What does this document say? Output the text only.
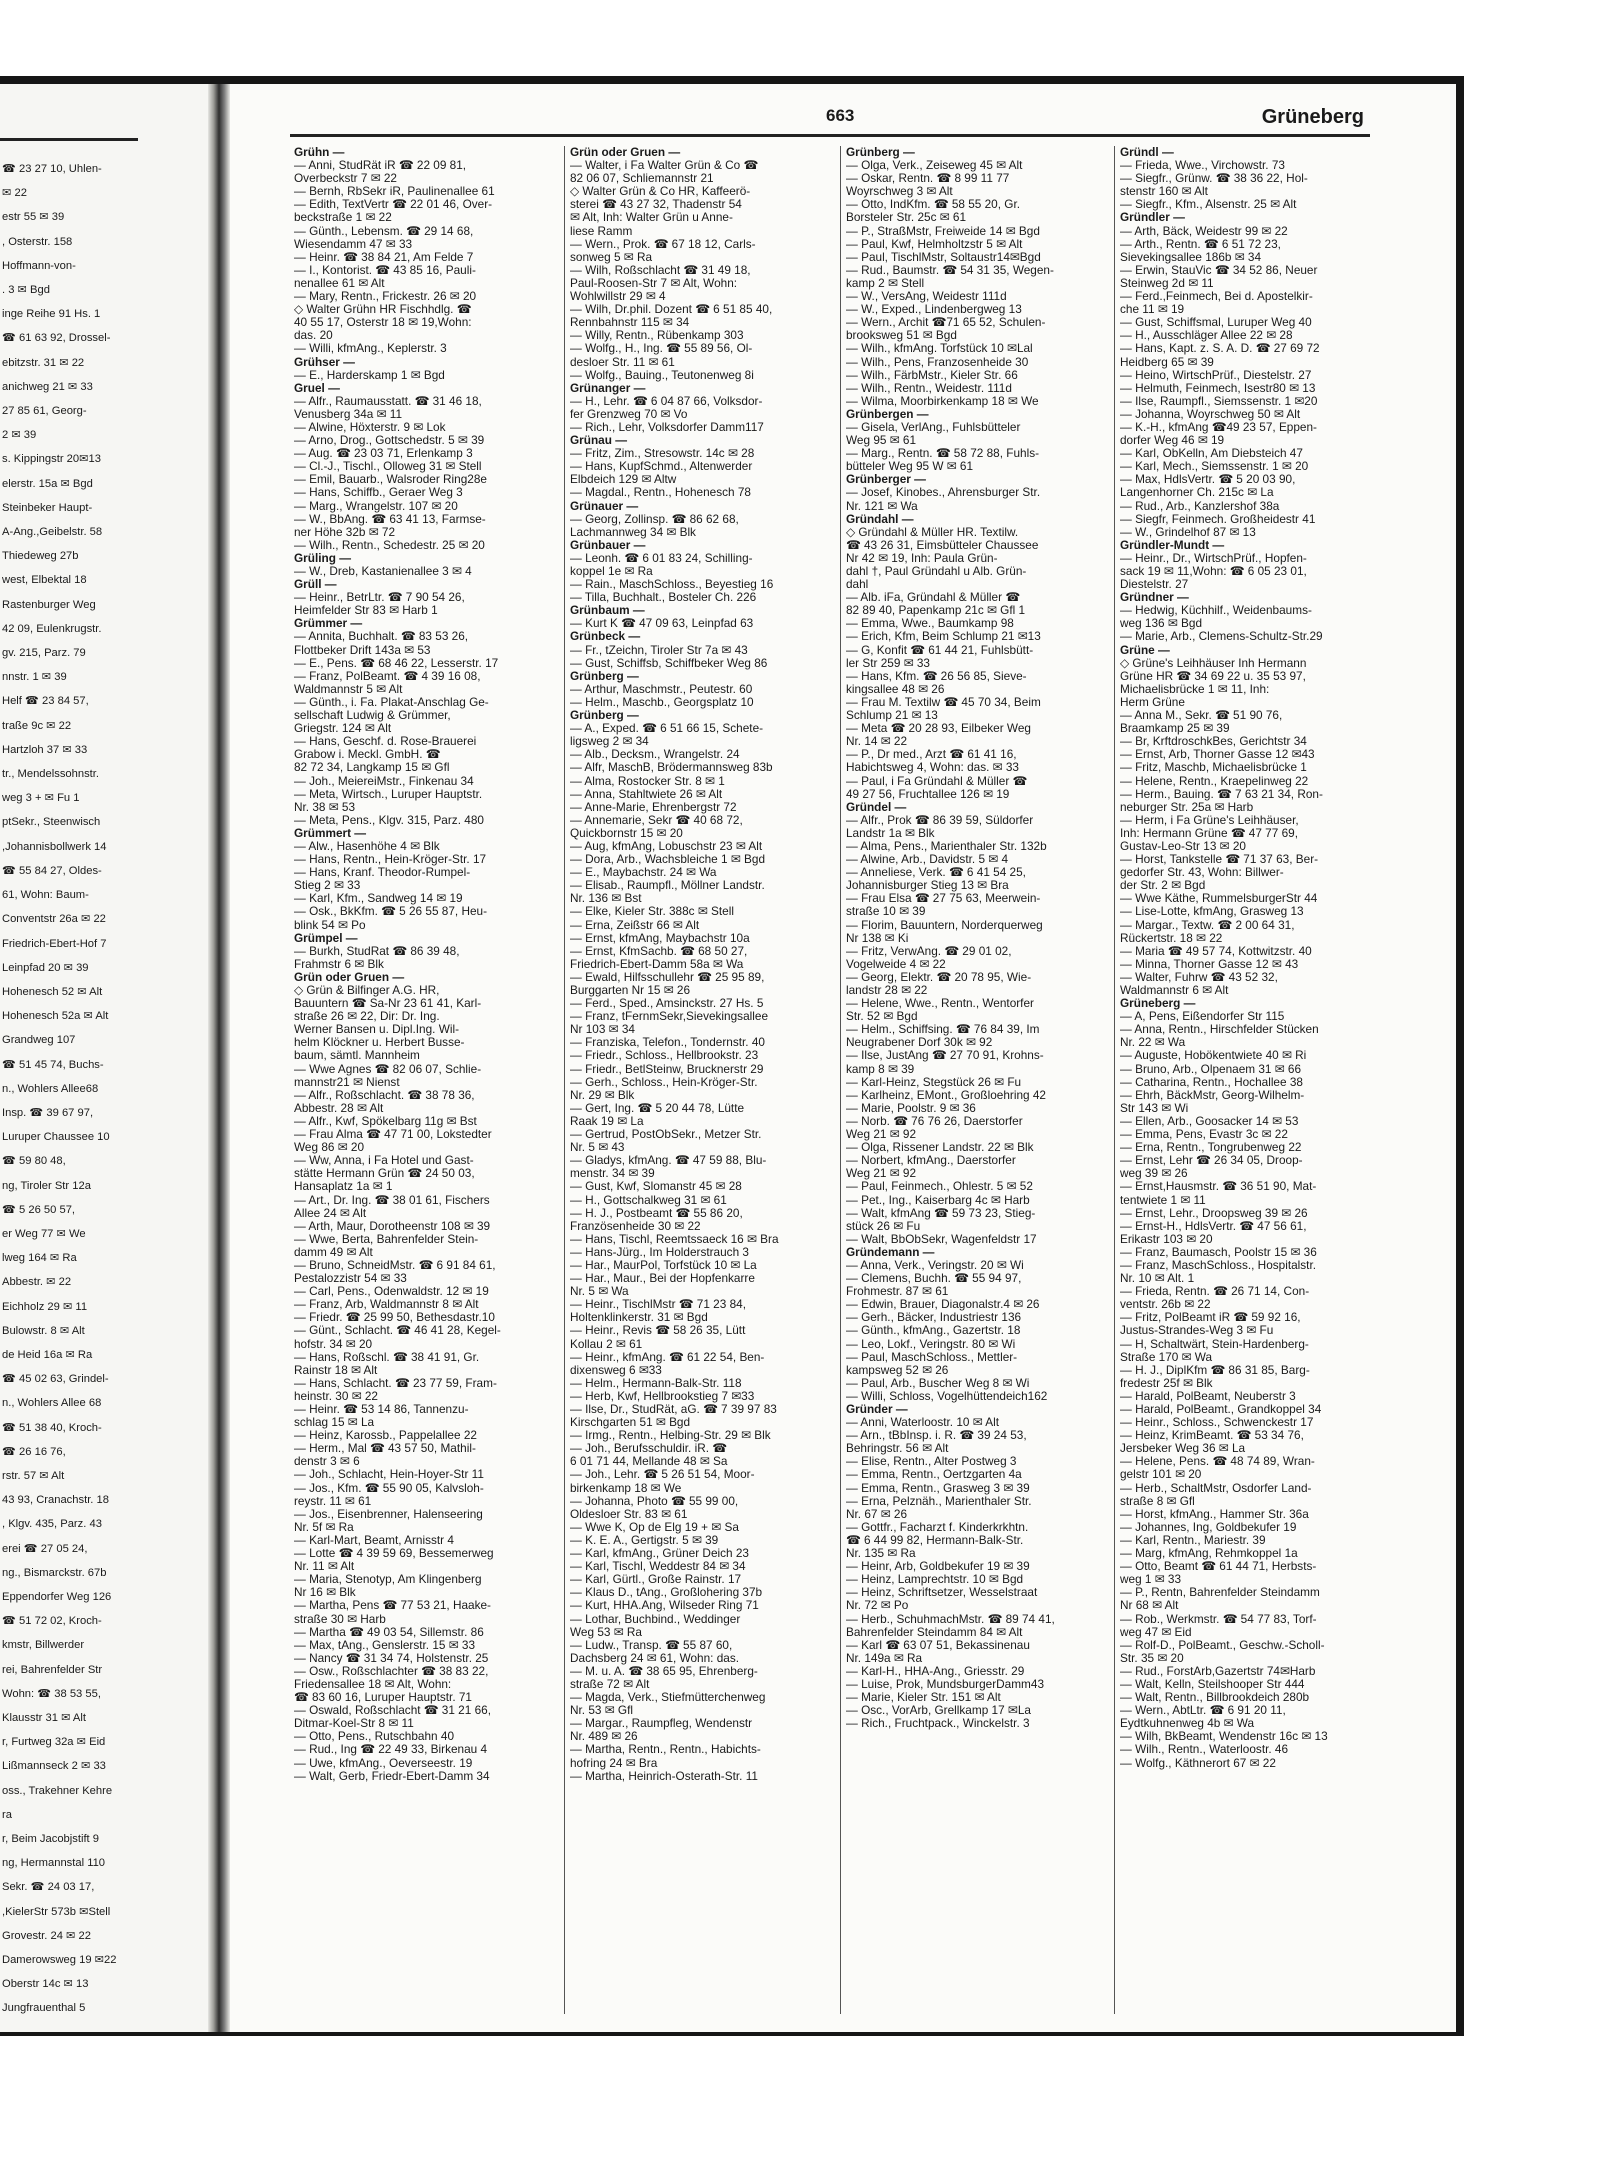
☎ 23 27 10, Uhlen-
✉ 22
estr 55 ✉ 39
, Osterstr. 158
Hoffmann-von-
. 3 ✉ Bgd
inge Reihe 91 Hs. 1
☎ 61 63 92, Drossel-
ebitzstr. 31 ✉ 22
anichweg 21 ✉ 33
27 85 61, Georg-
2 ✉ 39
s. Kippingstr 20✉13
elerstr. 15a ✉ Bgd
Steinbeker Haupt-
A-Ang.,Geibelstr. 58
Thiedeweg 27b
west, Elbektal 18
Rastenburger Weg
42 09, Eulenkrugstr.
gv. 215, Parz. 79
nnstr. 1 ✉ 39
Helf ☎ 23 84 57,
traße 9c ✉ 22
Hartzloh 37 ✉ 33
tr., Mendelssohnstr.
weg 3 + ✉ Fu 1
ptSekr., Steenwisch
,Johannisbollwerk 14
☎ 55 84 27, Oldes-
61, Wohn: Baum-
Conventstr 26a ✉ 22
Friedrich-Ebert-Hof 7
Leinpfad 20 ✉ 39
Hohenesch 52 ✉ Alt
Hohenesch 52a ✉ Alt
Grandweg 107
☎ 51 45 74, Buchs-
n., Wohlers Allee68
Insp. ☎ 39 67 97,
Luruper Chaussee 10
☎ 59 80 48,
ng, Tiroler Str 12a
☎ 5 26 50 57,
er Weg 77 ✉ We
lweg 164 ✉ Ra
Abbestr. ✉ 22
Eichholz 29 ✉ 11
Bulowstr. 8 ✉ Alt
de Heid 16a ✉ Ra
☎ 45 02 63, Grindel-
n., Wohlers Allee 68
☎ 51 38 40, Kroch-
☎ 26 16 76,
rstr. 57 ✉ Alt
43 93, Cranachstr. 18
, Klgv. 435, Parz. 43
erei ☎ 27 05 24,
ng., Bismarckstr. 67b
Eppendorfer Weg 126
☎ 51 72 02, Kroch-
kmstr, Billwerder
rei, Bahrenfelder Str
Wohn: ☎ 38 53 55,
Klausstr 31 ✉ Alt
r, Furtweg 32a ✉ Eid
Lißmannseck 2 ✉ 33
oss., Trakehner Kehre
ra
r, Beim Jacobjstift 9
ng, Hermannstal 110
Sekr. ☎ 24 03 17,
,KielerStr 573b ✉Stell
Grovestr. 24 ✉ 22
Damerowsweg 19 ✉22
Oberstr 14c ✉ 13
Jungfrauenthal 5
663	Grüneberg
Grühn —
— Anni, StudRät iR ☎ 22 09 81,
Overbeckstr 7 ✉ 22
— Bernh, RbSekr iR, Paulinenallee 61
— Edith, TextVertr ☎ 22 01 46, Over-
beckstraße 1 ✉ 22
— Günth., Lebensm. ☎ 29 14 68,
Wiesendamm 47 ✉ 33
— Heinr. ☎ 38 84 21, Am Felde 7
— I., Kontorist. ☎ 43 85 16, Pauli-
nenallee 61 ✉ Alt
— Mary, Rentn., Frickestr. 26 ✉ 20
◇ Walter Grühn HR Fischhdlg. ☎
40 55 17, Osterstr 18 ✉ 19,Wohn:
das. 20
— Willi, kfmAng., Keplerstr. 3
Grühser —
— E., Harderskamp 1 ✉ Bgd
Gruel —
— Alfr., Raumausstatt. ☎ 31 46 18,
Venusberg 34a ✉ 11
— Alwine, Höxterstr. 9 ✉ Lok
— Arno, Drog., Gottschedstr. 5 ✉ 39
— Aug. ☎ 23 03 71, Erlenkamp 3
— Cl.-J., Tischl., Olloweg 31 ✉ Stell
— Emil, Bauarb., Walsroder Ring28e
— Hans, Schiffb., Geraer Weg 3
— Marg., Wrangelstr. 107 ✉ 20
— W., BbAng. ☎ 63 41 13, Farmse-
ner Höhe 32b ✉ 72
— Wilh., Rentn., Schedestr. 25 ✉ 20
Grüling —
— W., Dreb, Kastanienallee 3 ✉ 4
Grüll —
— Heinr., BetrLtr. ☎ 7 90 54 26,
Heimfelder Str 83 ✉ Harb 1
Grümmer —
— Annita, Buchhalt. ☎ 83 53 26,
Flottbeker Drift 143a ✉ 53
— E., Pens. ☎ 68 46 22, Lesserstr. 17
— Franz, PolBeamt. ☎ 4 39 16 08,
Waldmannstr 5 ✉ Alt
— Günth., i. Fa. Plakat-Anschlag Ge-
sellschaft Ludwig & Grümmer,
Griegstr. 124 ✉ Alt
— Hans, Geschf. d. Rose-Brauerei
Grabow i. Meckl. GmbH. ☎
82 72 34, Langkamp 15 ✉ Gfl
— Joh., MeiereiMstr., Finkenau 34
— Meta, Wirtsch., Luruper Hauptstr.
Nr. 38 ✉ 53
— Meta, Pens., Klgv. 315, Parz. 480
Grümmert —
— Alw., Hasenhöhe 4 ✉ Blk
— Hans, Rentn., Hein-Kröger-Str. 17
— Hans, Kranf. Theodor-Rumpel-
Stieg 2 ✉ 33
— Karl, Kfm., Sandweg 14 ✉ 19
— Osk., BkKfm. ☎ 5 26 55 87, Heu-
blink 54 ✉ Po
Grümpel —
— Burkh, StudRat ☎ 86 39 48,
Frahmstr 6 ✉ Blk
Grün oder Gruen —
◇ Grün & Bilfinger A.G. HR,
Bauuntern ☎ Sa-Nr 23 61 41, Karl-
straße 26 ✉ 22, Dir: Dr. Ing.
Werner Bansen u. Dipl.Ing. Wil-
helm Klöckner u. Herbert Busse-
baum, sämtl. Mannheim
— Wwe Agnes ☎ 82 06 07, Schlie-
mannstr21 ✉ Nienst
— Alfr., Roßschlacht. ☎ 38 78 36,
Abbestr. 28 ✉ Alt
— Alfr., Kwf, Spökelbarg 11g ✉ Bst
— Frau Alma ☎ 47 71 00, Lokstedter
Weg 86 ✉ 20
— Ww, Anna, i Fa Hotel und Gast-
stätte Hermann Grün ☎ 24 50 03,
Hansaplatz 1a ✉ 1
— Art., Dr. Ing. ☎ 38 01 61, Fischers
Allee 24 ✉ Alt
— Arth, Maur, Dorotheenstr 108 ✉ 39
— Wwe, Berta, Bahrenfelder Stein-
damm 49 ✉ Alt
— Bruno, SchneidMstr. ☎ 6 91 84 61,
Pestalozzistr 54 ✉ 33
— Carl, Pens., Odenwaldstr. 12 ✉ 19
— Franz, Arb, Waldmannstr 8 ✉ Alt
— Friedr. ☎ 25 99 50, Bethesdastr.10
— Günt., Schlacht. ☎ 46 41 28, Kegel-
hofstr. 34 ✉ 20
— Hans, Roßschl. ☎ 38 41 91, Gr.
Rainstr 18 ✉ Alt
— Hans, Schlacht. ☎ 23 77 59, Fram-
heinstr. 30 ✉ 22
— Heinr. ☎ 53 14 86, Tannenzu-
schlag 15 ✉ La
— Heinz, Karossb., Pappelallee 22
— Herm., Mal ☎ 43 57 50, Mathil-
denstr 3 ✉ 6
— Joh., Schlacht, Hein-Hoyer-Str 11
— Jos., Kfm. ☎ 55 90 05, Kalvsloh-
reystr. 11 ✉ 61
— Jos., Eisenbrenner, Halenseering
Nr. 5f ✉ Ra
— Karl-Mart, Beamt, Arnisstr 4
— Lotte ☎ 4 39 59 69, Bessemerweg
Nr. 11 ✉ Alt
— Maria, Stenotyp, Am Klingenberg
Nr 16 ✉ Blk
— Martha, Pens ☎ 77 53 21, Haake-
straße 30 ✉ Harb
— Martha ☎ 49 03 54, Sillemstr. 86
— Max, tAng., Genslerstr. 15 ✉ 33
— Nancy ☎ 31 34 74, Holstenstr. 25
— Osw., Roßschlachter ☎ 38 83 22,
Friedensallee 18 ✉ Alt, Wohn:
☎ 83 60 16, Luruper Hauptstr. 71
— Oswald, Roßschlacht ☎ 31 21 66,
Ditmar-Koel-Str 8 ✉ 11
— Otto, Pens., Rutschbahn 40
— Rud., Ing ☎ 22 49 33, Birkenau 4
— Uwe, kfmAng., Oeverseestr. 19
— Walt, Gerb, Friedr-Ebert-Damm 34
Grün oder Gruen —
— Walter, i Fa Walter Grün & Co ☎
82 06 07, Schliemannstr 21
◇ Walter Grün & Co HR, Kaffeerö-
sterei ☎ 43 27 32, Thadenstr 54
✉ Alt, Inh: Walter Grün u Anne-
liese Ramm
— Wern., Prok. ☎ 67 18 12, Carls-
sonweg 5 ✉ Ra
— Wilh, Roßschlacht ☎ 31 49 18,
Paul-Roosen-Str 7 ✉ Alt, Wohn:
Wohlwillstr 29 ✉ 4
— Wilh, Dr.phil. Dozent ☎ 6 51 85 40,
Rennbahnstr 115 ✉ 34
— Willy, Rentn., Rübenkamp 303
— Wolfg., H., Ing. ☎ 55 89 56, Ol-
desloer Str. 11 ✉ 61
— Wolfg., Bauing., Teutonenweg 8i
Grünanger —
— H., Lehr. ☎ 6 04 87 66, Volksdor-
fer Grenzweg 70 ✉ Vo
— Rich., Lehr, Volksdorfer Damm117
Grünau —
— Fritz, Zim., Stresowstr. 14c ✉ 28
— Hans, KupfSchmd., Altenwerder
Elbdeich 129 ✉ Altw
— Magdal., Rentn., Hohenesch 78
Grünauer —
— Georg, Zollinsp. ☎ 86 62 68,
Lachmannweg 34 ✉ Blk
Grünbauer —
— Leonh. ☎ 6 01 83 24, Schilling-
koppel 1e ✉ Ra
— Rain., MaschSchloss., Beyestieg 16
— Tilla, Buchhalt., Bosteler Ch. 226
Grünbaum —
— Kurt K ☎ 47 09 63, Leinpfad 63
Grünbeck —
— Fr., tZeichn, Tiroler Str 7a ✉ 43
— Gust, Schiffsb, Schiffbeker Weg 86
Grünberg —
— Arthur, Maschmstr., Peutestr. 60
— Helm., Maschb., Georgsplatz 10
Grünberg —
— A., Exped. ☎ 6 51 66 15, Schete-
ligsweg 2 ✉ 34
— Alb., Decksm., Wrangelstr. 24
— Alfr, MaschB, Brödermannsweg 83b
— Alma, Rostocker Str. 8 ✉ 1
— Anna, Stahltwiete 26 ✉ Alt
— Anne-Marie, Ehrenbergstr 72
— Annemarie, Sekr ☎ 40 68 72,
Quickbornstr 15 ✉ 20
— Aug, kfmAng, Lobuschstr 23 ✉ Alt
— Dora, Arb., Wachsbleiche 1 ✉ Bgd
— E., Maybachstr. 24 ✉ Wa
— Elisab., Raumpfl., Möllner Landstr.
Nr. 136 ✉ Bst
— Elke, Kieler Str. 388c ✉ Stell
— Erna, Zeißstr 66 ✉ Alt
— Ernst, kfmAng, Maybachstr 10a
— Ernst, KfmSachb. ☎ 68 50 27,
Friedrich-Ebert-Damm 58a ✉ Wa
— Ewald, Hilfsschullehr ☎ 25 95 89,
Burggarten Nr 15 ✉ 26
— Ferd., Sped., Amsinckstr. 27 Hs. 5
— Franz, tFernmSekr,Sievekingsallee
Nr 103 ✉ 34
— Franziska, Telefon., Tondernstr. 40
— Friedr., Schloss., Hellbrookstr. 23
— Friedr., BetlSteinw, Brucknerstr 29
— Gerh., Schloss., Hein-Kröger-Str.
Nr. 29 ✉ Blk
— Gert, Ing. ☎ 5 20 44 78, Lütte
Raak 19 ✉ La
— Gertrud, PostObSekr., Metzer Str.
Nr. 5 ✉ 43
— Gladys, kfmAng. ☎ 47 59 88, Blu-
menstr. 34 ✉ 39
— Gust, Kwf, Slomanstr 45 ✉ 28
— H., Gottschalkweg 31 ✉ 61
— H. J., Postbeamt ☎ 55 86 20,
Französenheide 30 ✉ 22
— Hans, Tischl, Reemtssaeck 16 ✉ Bra
— Hans-Jürg., Im Holderstrauch 3
— Har., MaurPol, Torfstück 10 ✉ La
— Har., Maur., Bei der Hopfenkarre
Nr. 5 ✉ Wa
— Heinr., TischlMstr ☎ 71 23 84,
Holtenklinkerstr. 31 ✉ Bgd
— Heinr., Revis ☎ 58 26 35, Lütt
Kollau 2 ✉ 61
— Heinr., kfmAng. ☎ 61 22 54, Ben-
dixensweg 6 ✉33
— Helm., Hermann-Balk-Str. 118
— Herb, Kwf, Hellbrookstieg 7 ✉33
— Ilse, Dr., StudRät, aG. ☎ 7 39 97 83
Kirschgarten 51 ✉ Bgd
— Irmg., Rentn., Helbing-Str. 29 ✉ Blk
— Joh., Berufsschuldir. iR. ☎
6 01 71 44, Mellande 48 ✉ Sa
— Joh., Lehr. ☎ 5 26 51 54, Moor-
birkenkamp 18 ✉ We
— Johanna, Photo ☎ 55 99 00,
Oldesloer Str. 83 ✉ 61
— Wwe K, Op de Elg 19 + ✉ Sa
— K. E. A., Gertigstr. 5 ✉ 39
— Karl, kfmAng., Grüner Deich 23
— Karl, Tischl, Weddestr 84 ✉ 34
— Karl, Gürtl., Große Rainstr. 17
— Klaus D., tAng., Großlohering 37b
— Kurt, HHA.Ang, Wilseder Ring 71
— Lothar, Buchbind., Weddinger
Weg 53 ✉ Ra
— Ludw., Transp. ☎ 55 87 60,
Dachsberg 24 ✉ 61, Wohn: das.
— M. u. A. ☎ 38 65 95, Ehrenberg-
straße 72 ✉ Alt
— Magda, Verk., Stiefmütterchenweg
Nr. 53 ✉ Gfl
— Margar., Raumpfleg, Wendenstr
Nr. 489 ✉ 26
— Martha, Rentn., Rentn., Habichts-
hofring 24 ✉ Bra
— Martha, Heinrich-Osterath-Str. 11
Grünberg —
— Olga, Verk., Zeiseweg 45 ✉ Alt
— Oskar, Rentn. ☎ 8 99 11 77
Woyrschweg 3 ✉ Alt
— Otto, IndKfm. ☎ 58 55 20, Gr.
Borsteler Str. 25c ✉ 61
— P., StraßMstr, Freiweide 14 ✉ Bgd
— Paul, Kwf, Helmholtzstr 5 ✉ Alt
— Paul, TischlMstr, Soltaustr14✉Bgd
— Rud., Baumstr. ☎ 54 31 35, Wegen-
kamp 2 ✉ Stell
— W., VersAng, Weidestr 111d
— W., Exped., Lindenbergweg 13
— Wern., Archit ☎71 65 52, Schulen-
brooksweg 51 ✉ Bgd
— Wilh., kfmAng. Torfstück 10 ✉Lal
— Wilh., Pens, Franzosenheide 30
— Wilh., FärbMstr., Kieler Str. 66
— Wilh., Rentn., Weidestr. 111d
— Wilma, Moorbirkenkamp 18 ✉ We
Grünbergen —
— Gisela, VerlAng., Fuhlsbütteler
Weg 95 ✉ 61
— Marg., Rentn. ☎ 58 72 88, Fuhls-
bütteler Weg 95 W ✉ 61
Grünberger —
— Josef, Kinobes., Ahrensburger Str.
Nr. 121 ✉ Wa
Gründahl —
◇ Gründahl & Müller HR. Textilw.
☎ 43 26 31, Eimsbütteler Chaussee
Nr 42 ✉ 19, Inh: Paula Grün-
dahl †, Paul Gründahl u Alb. Grün-
dahl
— Alb. iFa, Gründahl & Müller ☎
82 89 40, Papenkamp 21c ✉ Gfl 1
— Emma, Wwe., Baumkamp 98
— Erich, Kfm, Beim Schlump 21 ✉13
— G, Konfit ☎ 61 44 21, Fuhlsbütt-
ler Str 259 ✉ 33
— Hans, Kfm. ☎ 26 56 85, Sieve-
kingsallee 48 ✉ 26
— Frau M. Textilw ☎ 45 70 34, Beim
Schlump 21 ✉ 13
— Meta ☎ 20 28 93, Eilbeker Weg
Nr. 14 ✉ 22
— P., Dr med., Arzt ☎ 61 41 16,
Habichtsweg 4, Wohn: das. ✉ 33
— Paul, i Fa Gründahl & Müller ☎
49 27 56, Fruchtallee 126 ✉ 19
Gründel —
— Alfr., Prok ☎ 86 39 59, Süldorfer
Landstr 1a ✉ Blk
— Alma, Pens., Marienthaler Str. 132b
— Alwine, Arb., Davidstr. 5 ✉ 4
— Anneliese, Verk. ☎ 6 41 54 25,
Johannisburger Stieg 13 ✉ Bra
— Frau Elsa ☎ 27 75 63, Meerwein-
straße 10 ✉ 39
— Florim, Bauuntern, Norderquerweg
Nr 138 ✉ Ki
— Fritz, VerwAng. ☎ 29 01 02,
Vogelweide 4 ✉ 22
— Georg, Elektr. ☎ 20 78 95, Wie-
landstr 28 ✉ 22
— Helene, Wwe., Rentn., Wentorfer
Str. 52 ✉ Bgd
— Helm., Schiffsing. ☎ 76 84 39, Im
Neugrabener Dorf 30k ✉ 92
— Ilse, JustAng ☎ 27 70 91, Krohns-
kamp 8 ✉ 39
— Karl-Heinz, Stegstück 26 ✉ Fu
— Karlheinz, EMont., Großloehring 42
— Marie, Poolstr. 9 ✉ 36
— Norb. ☎ 76 76 26, Daerstorfer
Weg 21 ✉ 92
— Olga, Rissener Landstr. 22 ✉ Blk
— Norbert, kfmAng., Daerstorfer
Weg 21 ✉ 92
— Paul, Feinmech., Ohlestr. 5 ✉ 52
— Pet., Ing., Kaiserbarg 4c ✉ Harb
— Walt, kfmAng ☎ 59 73 23, Stieg-
stück 26 ✉ Fu
— Walt, BbObSekr, Wagenfeldstr 17
Gründemann —
— Anna, Verk., Veringstr. 20 ✉ Wi
— Clemens, Buchh. ☎ 55 94 97,
Frohmestr. 87 ✉ 61
— Edwin, Brauer, Diagonalstr.4 ✉ 26
— Gerh., Bäcker, Industriestr 136
— Günth., kfmAng., Gazertstr. 18
— Leo, Lokf., Veringstr. 80 ✉ Wi
— Paul, MaschSchloss., Mettler-
kampsweg 52 ✉ 26
— Paul, Arb., Buscher Weg 8 ✉ Wi
— Willi, Schloss, Vogelhüttendeich162
Gründer —
— Anni, Waterloostr. 10 ✉ Alt
— Arn., tBbInsp. i. R. ☎ 39 24 53,
Behringstr. 56 ✉ Alt
— Elise, Rentn., Alter Postweg 3
— Emma, Rentn., Oertzgarten 4a
— Emma, Rentn., Grasweg 3 ✉ 39
— Erna, Pelznäh., Marienthaler Str.
Nr. 67 ✉ 26
— Gottfr., Facharzt f. Kinderkrkhtn.
☎ 6 44 99 82, Hermann-Balk-Str.
Nr. 135 ✉ Ra
— Heinr, Arb, Goldbekufer 19 ✉ 39
— Heinz, Lamprechtstr. 10 ✉ Bgd
— Heinz, Schriftsetzer, Wesselstraat
Nr. 72 ✉ Po
— Herb., SchuhmachMstr. ☎ 89 74 41,
Bahrenfelder Steindamm 84 ✉ Alt
— Karl ☎ 63 07 51, Bekassinenau
Nr. 149a ✉ Ra
— Karl-H., HHA-Ang., Griesstr. 29
— Luise, Prok, MundsburgerDamm43
— Marie, Kieler Str. 151 ✉ Alt
— Osc., VorArb, Grellkamp 17 ✉La
— Rich., Fruchtpack., Winckelstr. 3
Gründl —
— Frieda, Wwe., Virchowstr. 73
— Siegfr., Grünw. ☎ 38 36 22, Hol-
stenstr 160 ✉ Alt
— Siegfr., Kfm., Alsenstr. 25 ✉ Alt
Gründler —
— Arth, Bäck, Weidestr 99 ✉ 22
— Arth., Rentn. ☎ 6 51 72 23,
Sievekingsallee 186b ✉ 34
— Erwin, StauVic ☎ 34 52 86, Neuer
Steinweg 2d ✉ 11
— Ferd.,Feinmech, Bei d. Apostelkir-
che 11 ✉ 19
— Gust, Schiffsmal, Luruper Weg 40
— H., Ausschläger Allee 22 ✉ 28
— Hans, Kapt. z. S. A. D. ☎ 27 69 72
Heidberg 65 ✉ 39
— Heino, WirtschPrüf., Diestelstr. 27
— Helmuth, Feinmech, Isestr80 ✉ 13
— Ilse, Raumpfl., Siemssenstr. 1 ✉20
— Johanna, Woyrschweg 50 ✉ Alt
— K.-H., kfmAng ☎49 23 57, Eppen-
dorfer Weg 46 ✉ 19
— Karl, ObKelln, Am Diebsteich 47
— Karl, Mech., Siemssenstr. 1 ✉ 20
— Max, HdlsVertr. ☎ 5 20 03 90,
Langenhorner Ch. 215c ✉ La
— Rud., Arb., Kanzlershof 38a
— Siegfr, Feinmech. Großheidestr 41
— W., Grindelhof 87 ✉ 13
Gründler-Mundt —
— Heinr., Dr., WirtschPrüf., Hopfen-
sack 19 ✉ 11,Wohn: ☎ 6 05 23 01,
Diestelstr. 27
Gründner —
— Hedwig, Küchhilf., Weidenbaums-
weg 136 ✉ Bgd
— Marie, Arb., Clemens-Schultz-Str.29
Grüne —
◇ Grüne's Leihhäuser Inh Hermann
Grüne HR ☎ 34 69 22 u. 35 53 97,
Michaelisbrücke 1 ✉ 11, Inh:
Herm Grüne
— Anna M., Sekr. ☎ 51 90 76,
Braamkamp 25 ✉ 39
— Br, KrftdroschkBes, Gerichtstr 34
— Ernst, Arb, Thorner Gasse 12 ✉43
— Fritz, Maschb, Michaelisbrücke 1
— Helene, Rentn., Kraepelinweg 22
— Herm., Bauing. ☎ 7 63 21 34, Ron-
neburger Str. 25a ✉ Harb
— Herm, i Fa Grüne's Leihhäuser,
Inh: Hermann Grüne ☎ 47 77 69,
Gustav-Leo-Str 13 ✉ 20
— Horst, Tankstelle ☎ 71 37 63, Ber-
gedorfer Str. 43, Wohn: Billwer-
der Str. 2 ✉ Bgd
— Wwe Käthe, RummelsburgerStr 44
— Lise-Lotte, kfmAng, Grasweg 13
— Margar., Textw. ☎ 2 00 64 31,
Rückertstr. 18 ✉ 22
— Maria ☎ 49 57 74, Kottwitzstr. 40
— Minna, Thorner Gasse 12 ✉ 43
— Walter, Fuhrw ☎ 43 52 32,
Waldmannstr 6 ✉ Alt
Grüneberg —
— A, Pens, Eißendorfer Str 115
— Anna, Rentn., Hirschfelder Stücken
Nr. 22 ✉ Wa
— Auguste, Hobökentwiete 40 ✉ Ri
— Bruno, Arb., Olpenaem 31 ✉ 66
— Catharina, Rentn., Hochallee 38
— Ehrh, BäckMstr, Georg-Wilhelm-
Str 143 ✉ Wi
— Ellen, Arb., Goosacker 14 ✉ 53
— Emma, Pens, Evastr 3c ✉ 22
— Erna, Rentn., Tongrubenweg 22
— Ernst, Lehr ☎ 26 34 05, Droop-
weg 39 ✉ 26
— Ernst,Hausmstr. ☎ 36 51 90, Mat-
tentwiete 1 ✉ 11
— Ernst, Lehr., Droopsweg 39 ✉ 26
— Ernst-H., HdlsVertr. ☎ 47 56 61,
Erikastr 103 ✉ 20
— Franz, Baumasch, Poolstr 15 ✉ 36
— Franz, MaschSchloss., Hospitalstr.
Nr. 10 ✉ Alt. 1
— Frieda, Rentn. ☎ 26 71 14, Con-
ventstr. 26b ✉ 22
— Fritz, PolBeamt iR ☎ 59 92 16,
Justus-Strandes-Weg 3 ✉ Fu
— H, Schaltwärt, Stein-Hardenberg-
Straße 170 ✉ Wa
— H. J., DiplKfm ☎ 86 31 85, Barg-
fredestr 25f ✉ Blk
— Harald, PolBeamt, Neuberstr 3
— Harald, PolBeamt., Grandkoppel 34
— Heinr., Schloss., Schwenckestr 17
— Heinz, KrimBeamt. ☎ 53 34 76,
Jersbeker Weg 36 ✉ La
— Helene, Pens. ☎ 48 74 89, Wran-
gelstr 101 ✉ 20
— Herb., SchaltMstr, Osdorfer Land-
straße 8 ✉ Gfl
— Horst, kfmAng., Hammer Str. 36a
— Johannes, Ing, Goldbekufer 19
— Karl, Rentn., Mariestr. 39
— Marg, kfmAng, Rehmkoppel 1a
— Otto, Beamt ☎ 61 44 71, Herbsts-
weg 1 ✉ 33
— P., Rentn, Bahrenfelder Steindamm
Nr 68 ✉ Alt
— Rob., Werkmstr. ☎ 54 77 83, Torf-
weg 47 ✉ Eid
— Rolf-D., PolBeamt., Geschw.-Scholl-
Str. 35 ✉ 20
— Rud., ForstArb,Gazertstr 74✉Harb
— Walt, Kelln, Steilshooper Str 444
— Walt, Rentn., Billbrookdeich 280b
— Wern., AbtLtr. ☎ 6 91 20 11,
Eydtkuhnenweg 4b ✉ Wa
— Wilh, BkBeamt, Wendenstr 16c ✉ 13
— Wilh., Rentn., Waterloostr. 46
— Wolfg., Käthnerort 67 ✉ 22
